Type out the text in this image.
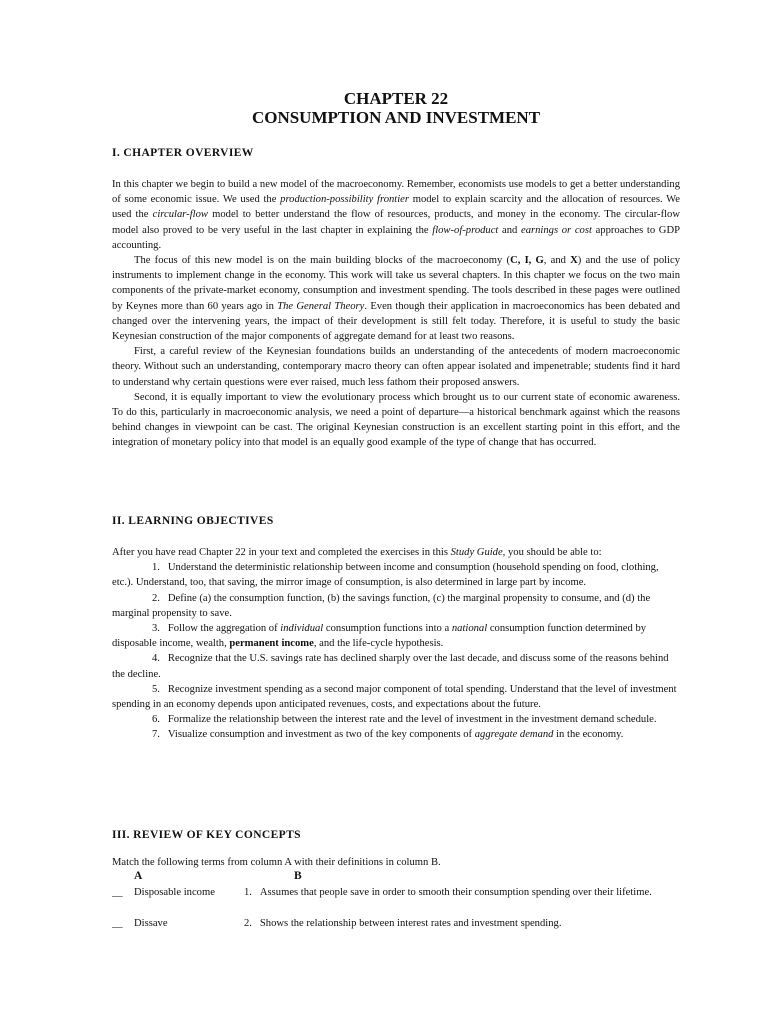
CHAPTER 22
CONSUMPTION AND INVESTMENT
I. CHAPTER OVERVIEW

In this chapter we begin to build a new model of the macroeconomy. Remember, economists use models to get a better understanding of some economic issue. We used the production-possibility frontier model to explain scarcity and the allocation of resources. We used the circular-flow model to better understand the flow of resources, products, and money in the economy. The circular-flow model also proved to be very useful in the last chapter in explaining the flow-of-product and earnings or cost approaches to GDP accounting.

The focus of this new model is on the main building blocks of the macroeconomy (C, I, G, and X) and the use of policy instruments to implement change in the economy. This work will take us several chapters. In this chapter we focus on the two main components of the private-market economy, consumption and investment spending. The tools described in these pages were outlined by Keynes more than 60 years ago in The General Theory. Even though their application in macroeconomics has been debated and changed over the intervening years, the impact of their development is still felt today. Therefore, it is useful to study the basic Keynesian construction of the major components of aggregate demand for at least two reasons.

First, a careful review of the Keynesian foundations builds an understanding of the antecedents of modern macroeconomic theory. Without such an understanding, contemporary macro theory can often appear isolated and impenetrable; students find it hard to understand why certain questions were ever raised, much less fathom their proposed answers.

Second, it is equally important to view the evolutionary process which brought us to our current state of economic awareness. To do this, particularly in macroeconomic analysis, we need a point of departure—a historical benchmark against which the reasons behind changes in viewpoint can be cast. The original Keynesian construction is an excellent starting point in this effort, and the integration of monetary policy into that model is an equally good example of the type of change that has occurred.

II. LEARNING OBJECTIVES

After you have read Chapter 22 in your text and completed the exercises in this Study Guide, you should be able to:

1.   Understand the deterministic relationship between income and consumption (household spending on food, clothing, etc.). Understand, too, that saving, the mirror image of consumption, is also determined in large part by income.
2.   Define (a) the consumption function, (b) the savings function, (c) the marginal propensity to consume, and (d) the marginal propensity to save.
3.   Follow the aggregation of individual consumption functions into a national consumption function determined by disposable income, wealth, permanent income, and the life-cycle hypothesis.
4.   Recognize that the U.S. savings rate has declined sharply over the last decade, and discuss some of the reasons behind the decline.
5.   Recognize investment spending as a second major component of total spending. Understand that the level of investment spending in an economy depends upon anticipated revenues, costs, and expectations about the future.
6.   Formalize the relationship between the interest rate and the level of investment in the investment demand schedule.
7.   Visualize consumption and investment as two of the key components of aggregate demand in the economy.
III. REVIEW OF KEY CONCEPTS
Match the following terms from column A with their definitions in column B.
A	B
__ Disposable income	1. Assumes that people save in order to smooth their consumption spending over their lifetime.
__ Dissave	2. Shows the relationship between interest rates and investment spending.
